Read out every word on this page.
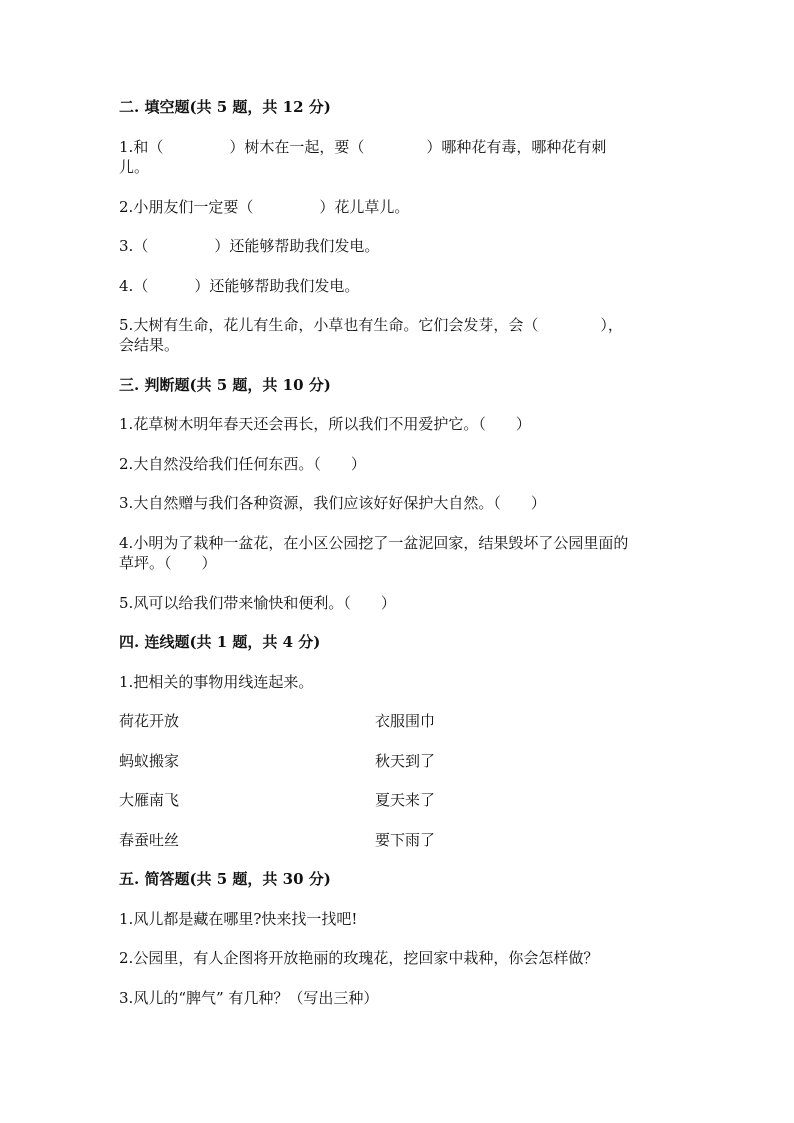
二. 填空题(共 5 题，共 12 分)
1.和（	）树木在一起，要（	）哪种花有毒，哪种花有刺
儿。
2.小朋友们一定要（	）花儿草儿。
3.（	）还能够帮助我们发电。
4.（	）还能够帮助我们发电。
5.大树有生命，花儿有生命，小草也有生命。它们会发芽，会（	），
会结果。
三. 判断题(共 5 题，共 10 分)
1.花草树木明年春天还会再长，所以我们不用爱护它。（ ）
2.大自然没给我们任何东西。（ ）
3.大自然赠与我们各种资源，我们应该好好保护大自然。（ ）
4.小明为了栽种一盆花，在小区公园挖了一盆泥回家，结果毁坏了公园里面的
草坪。（ ）
5.风可以给我们带来愉快和便利。（ ）
四. 连线题(共 1 题，共 4 分)
1.把相关的事物用线连起来。
荷花开放	衣服围巾
蚂蚁搬家	秋天到了
大雁南飞	夏天来了
春蚕吐丝	要下雨了
五. 简答题(共 5 题，共 30 分)
1.风儿都是藏在哪里?快来找一找吧!
2.公园里，有人企图将开放艳丽的玫瑰花，挖回家中栽种，你会怎样做？
3.风儿的“脾气” 有几种？（写出三种）
